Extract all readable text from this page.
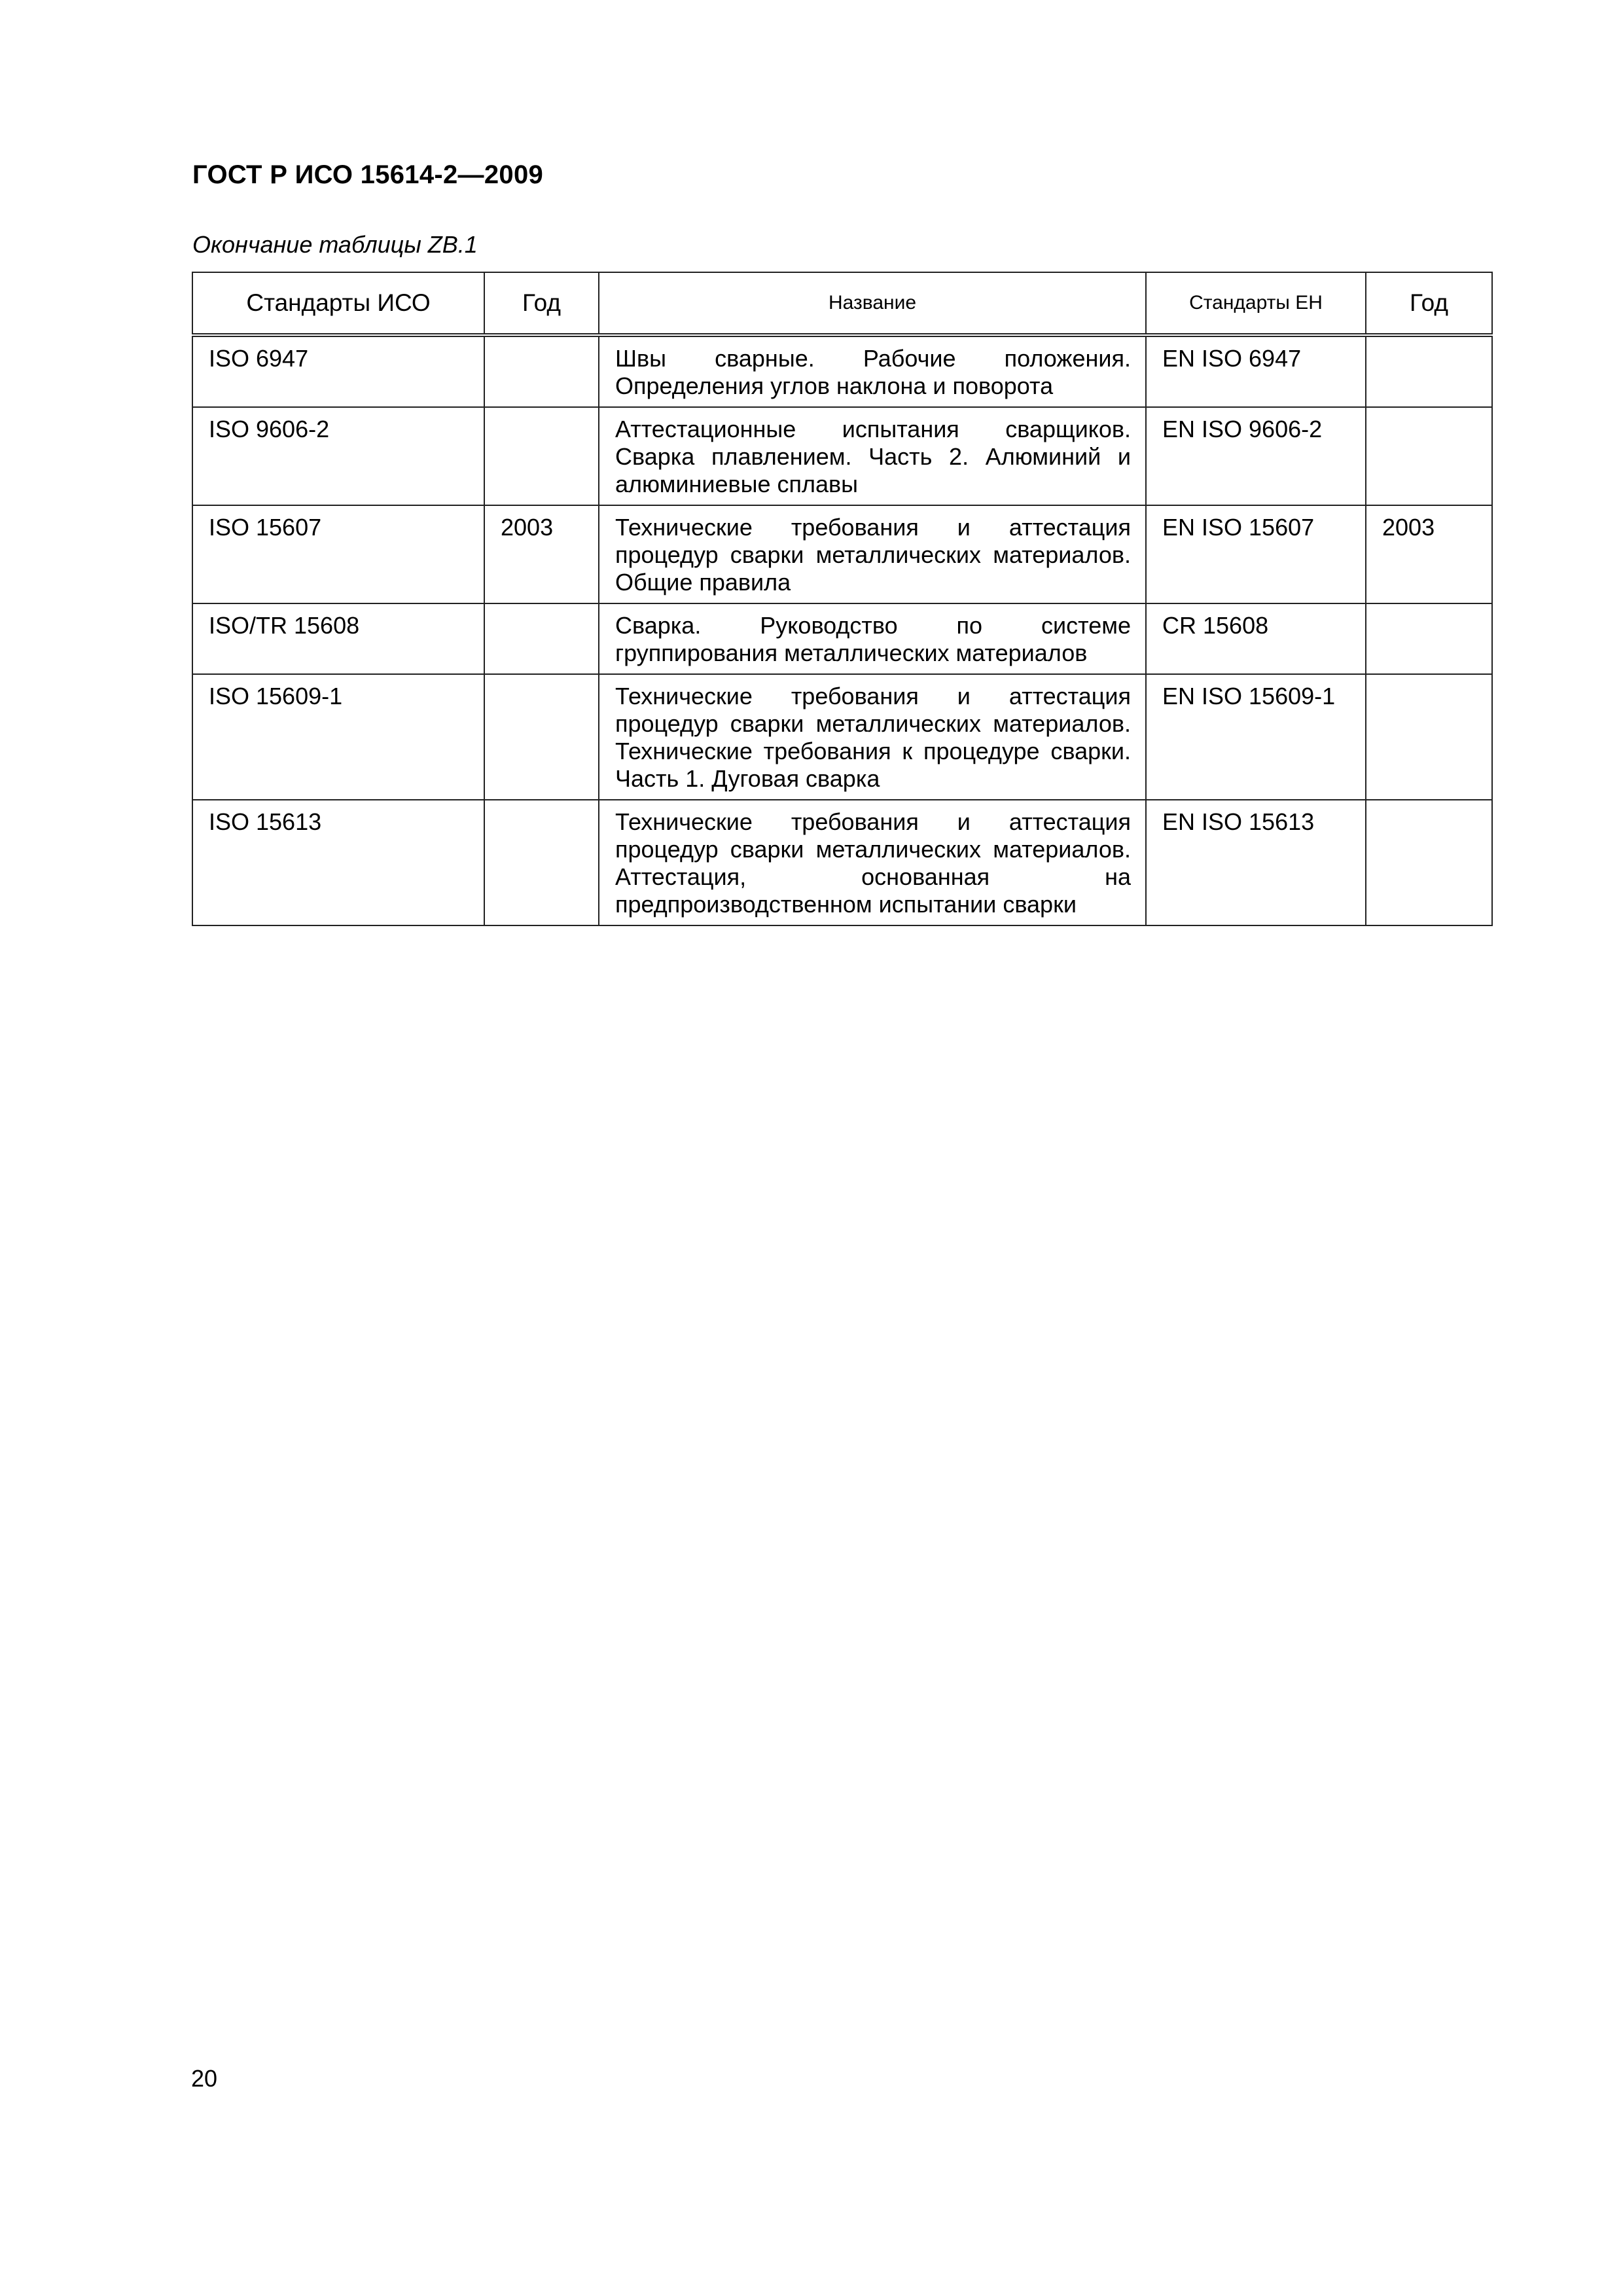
ГОСТ Р ИСО 15614-2—2009

Окончание таблицы ZB.1

Стандарты ИСО	Год	Название	Стандарты ЕН	Год
ISO 6947		Швы сварные. Рабочие положения. Определения углов наклона и поворота	EN ISO 6947	
ISO 9606-2		Аттестационные испытания сварщиков. Сварка плавлением. Часть 2. Алюминий и алюминиевые сплавы	EN ISO 9606-2	
ISO 15607	2003	Технические требования и аттестация процедур сварки металлических материалов. Общие правила	EN ISO 15607	2003
ISO/TR 15608		Сварка. Руководство по системе группирования металлических материалов	CR 15608	
ISO 15609-1		Технические требования и аттестация процедур сварки металлических материалов. Технические требования к процедуре сварки. Часть 1. Дуговая сварка	EN ISO 15609-1	
ISO 15613		Технические требования и аттестация процедур сварки металлических материалов. Аттестация, основанная на предпроизводственном испытании сварки	EN ISO 15613	

20
